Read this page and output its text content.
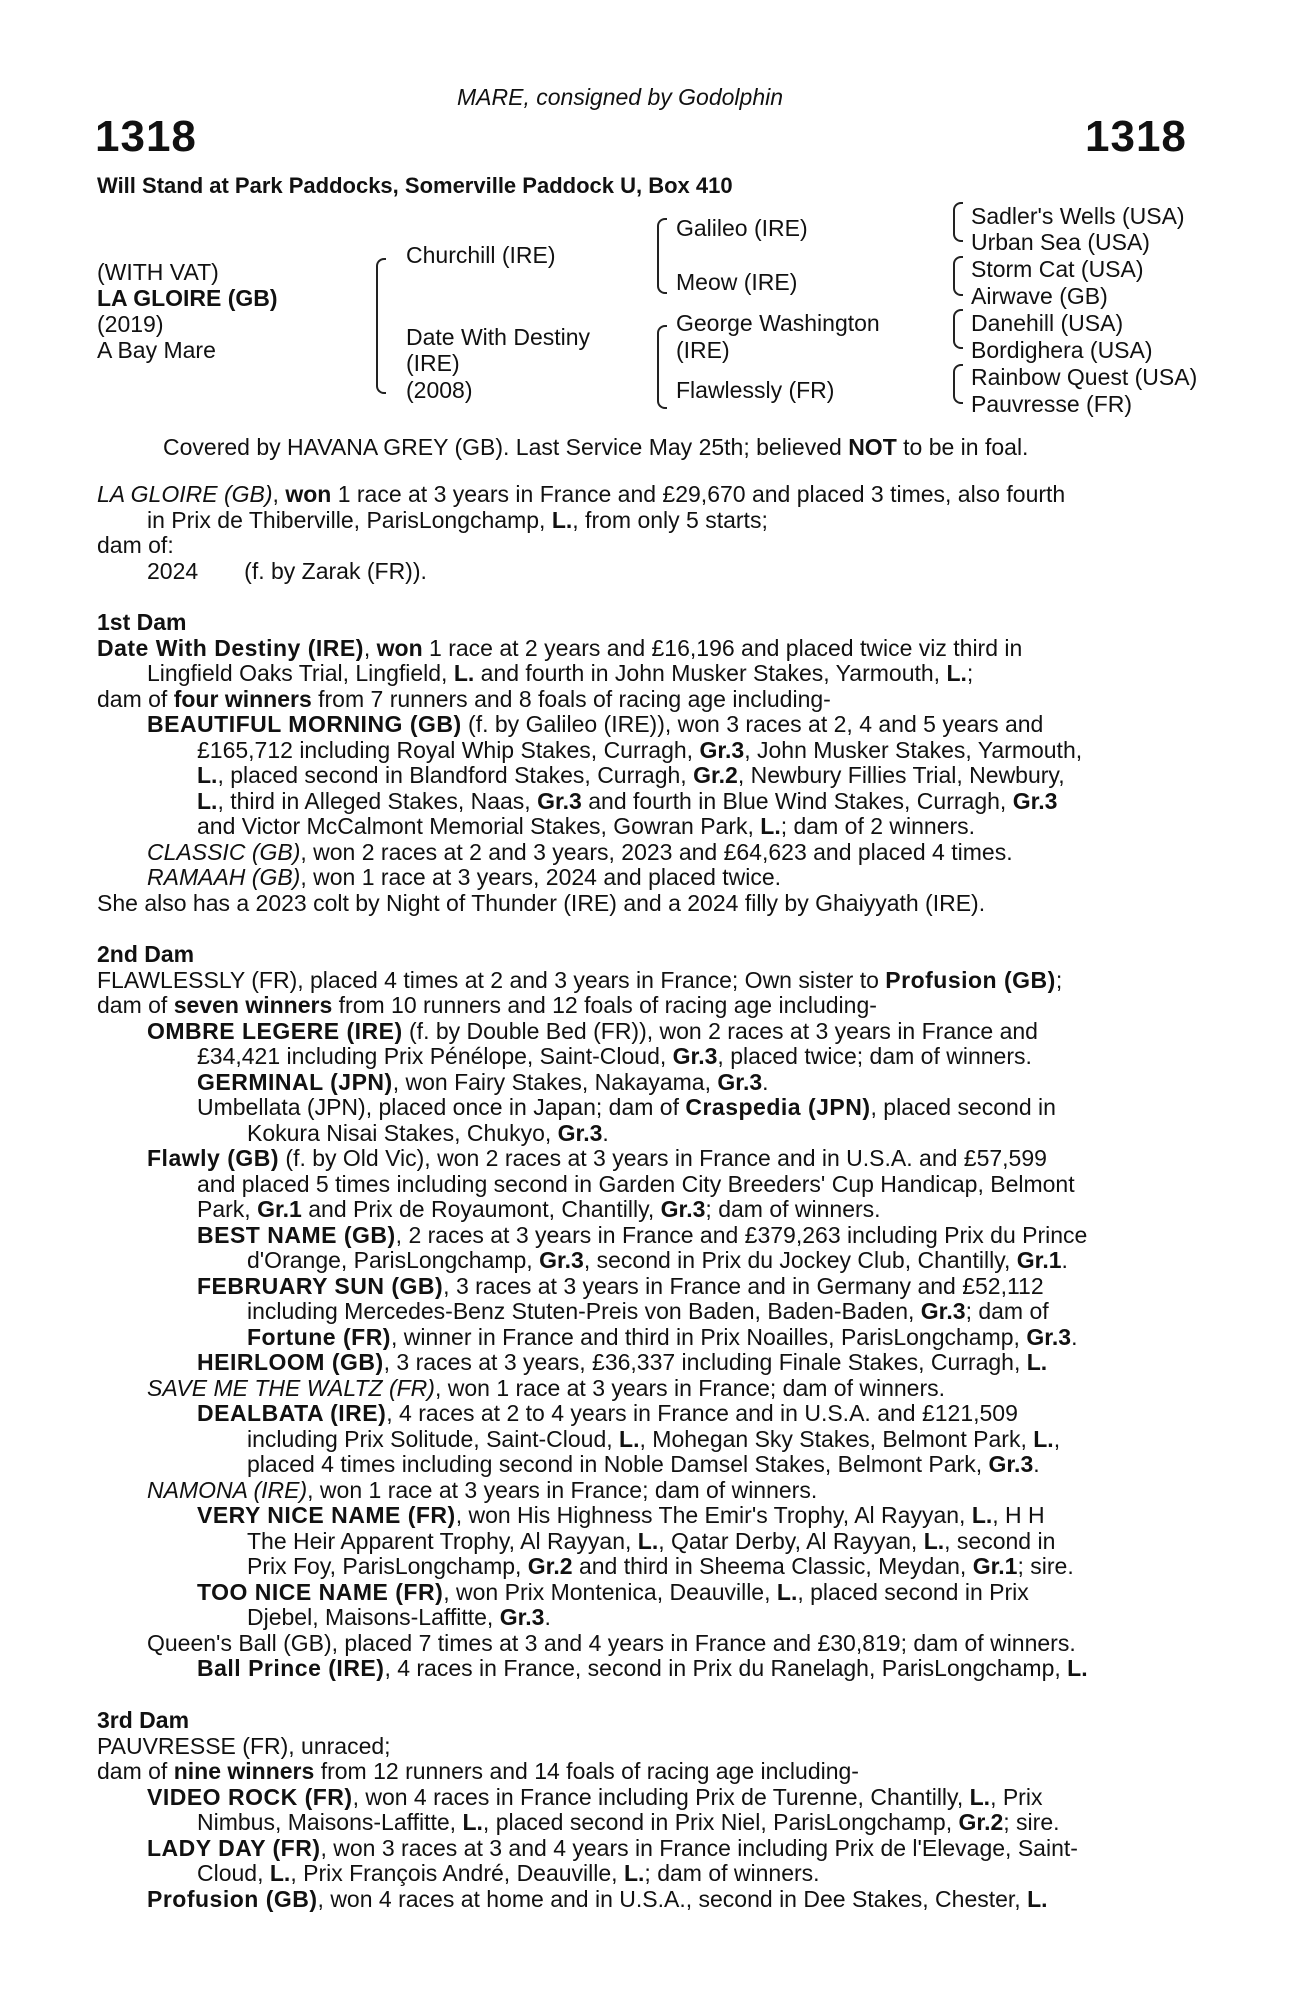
MARE, consigned by Godolphin
1318	1318
Will Stand at Park Paddocks, Somerville Paddock U, Box 410
(WITH VAT)
LA GLOIRE (GB)
(2019)
A Bay Mare
Churchill (IRE)
Date With Destiny
(IRE)
(2008)
Galileo (IRE)
Meow (IRE)
George Washington
(IRE)
Flawlessly (FR)
Sadler's Wells (USA)
Urban Sea (USA)
Storm Cat (USA)
Airwave (GB)
Danehill (USA)
Bordighera (USA)
Rainbow Quest (USA)
Pauvresse (FR)
Covered by HAVANA GREY (GB). Last Service May 25th; believed NOT to be in foal.
LA GLOIRE (GB), won 1 race at 3 years in France and £29,670 and placed 3 times, also fourth
in Prix de Thiberville, ParisLongchamp, L., from only 5 starts;
dam of:
2024 (f. by Zarak (FR)).
1st Dam
Date With Destiny (IRE), won 1 race at 2 years and £16,196 and placed twice viz third in
Lingfield Oaks Trial, Lingfield, L. and fourth in John Musker Stakes, Yarmouth, L.;
dam of four winners from 7 runners and 8 foals of racing age including-
BEAUTIFUL MORNING (GB) (f. by Galileo (IRE)), won 3 races at 2, 4 and 5 years and
£165,712 including Royal Whip Stakes, Curragh, Gr.3, John Musker Stakes, Yarmouth,
L., placed second in Blandford Stakes, Curragh, Gr.2, Newbury Fillies Trial, Newbury,
L., third in Alleged Stakes, Naas, Gr.3 and fourth in Blue Wind Stakes, Curragh, Gr.3
and Victor McCalmont Memorial Stakes, Gowran Park, L.; dam of 2 winners.
CLASSIC (GB), won 2 races at 2 and 3 years, 2023 and £64,623 and placed 4 times.
RAMAAH (GB), won 1 race at 3 years, 2024 and placed twice.
She also has a 2023 colt by Night of Thunder (IRE) and a 2024 filly by Ghaiyyath (IRE).
2nd Dam
FLAWLESSLY (FR), placed 4 times at 2 and 3 years in France; Own sister to Profusion (GB);
dam of seven winners from 10 runners and 12 foals of racing age including-
OMBRE LEGERE (IRE) (f. by Double Bed (FR)), won 2 races at 3 years in France and
£34,421 including Prix Pénélope, Saint-Cloud, Gr.3, placed twice; dam of winners.
GERMINAL (JPN), won Fairy Stakes, Nakayama, Gr.3.
Umbellata (JPN), placed once in Japan; dam of Craspedia (JPN), placed second in
Kokura Nisai Stakes, Chukyo, Gr.3.
Flawly (GB) (f. by Old Vic), won 2 races at 3 years in France and in U.S.A. and £57,599
and placed 5 times including second in Garden City Breeders' Cup Handicap, Belmont
Park, Gr.1 and Prix de Royaumont, Chantilly, Gr.3; dam of winners.
BEST NAME (GB), 2 races at 3 years in France and £379,263 including Prix du Prince
d'Orange, ParisLongchamp, Gr.3, second in Prix du Jockey Club, Chantilly, Gr.1.
FEBRUARY SUN (GB), 3 races at 3 years in France and in Germany and £52,112
including Mercedes-Benz Stuten-Preis von Baden, Baden-Baden, Gr.3; dam of
Fortune (FR), winner in France and third in Prix Noailles, ParisLongchamp, Gr.3.
HEIRLOOM (GB), 3 races at 3 years, £36,337 including Finale Stakes, Curragh, L.
SAVE ME THE WALTZ (FR), won 1 race at 3 years in France; dam of winners.
DEALBATA (IRE), 4 races at 2 to 4 years in France and in U.S.A. and £121,509
including Prix Solitude, Saint-Cloud, L., Mohegan Sky Stakes, Belmont Park, L.,
placed 4 times including second in Noble Damsel Stakes, Belmont Park, Gr.3.
NAMONA (IRE), won 1 race at 3 years in France; dam of winners.
VERY NICE NAME (FR), won His Highness The Emir's Trophy, Al Rayyan, L., H H
The Heir Apparent Trophy, Al Rayyan, L., Qatar Derby, Al Rayyan, L., second in
Prix Foy, ParisLongchamp, Gr.2 and third in Sheema Classic, Meydan, Gr.1; sire.
TOO NICE NAME (FR), won Prix Montenica, Deauville, L., placed second in Prix
Djebel, Maisons-Laffitte, Gr.3.
Queen's Ball (GB), placed 7 times at 3 and 4 years in France and £30,819; dam of winners.
Ball Prince (IRE), 4 races in France, second in Prix du Ranelagh, ParisLongchamp, L.
3rd Dam
PAUVRESSE (FR), unraced;
dam of nine winners from 12 runners and 14 foals of racing age including-
VIDEO ROCK (FR), won 4 races in France including Prix de Turenne, Chantilly, L., Prix
Nimbus, Maisons-Laffitte, L., placed second in Prix Niel, ParisLongchamp, Gr.2; sire.
LADY DAY (FR), won 3 races at 3 and 4 years in France including Prix de l'Elevage, Saint-
Cloud, L., Prix François André, Deauville, L.; dam of winners.
Profusion (GB), won 4 races at home and in U.S.A., second in Dee Stakes, Chester, L.
